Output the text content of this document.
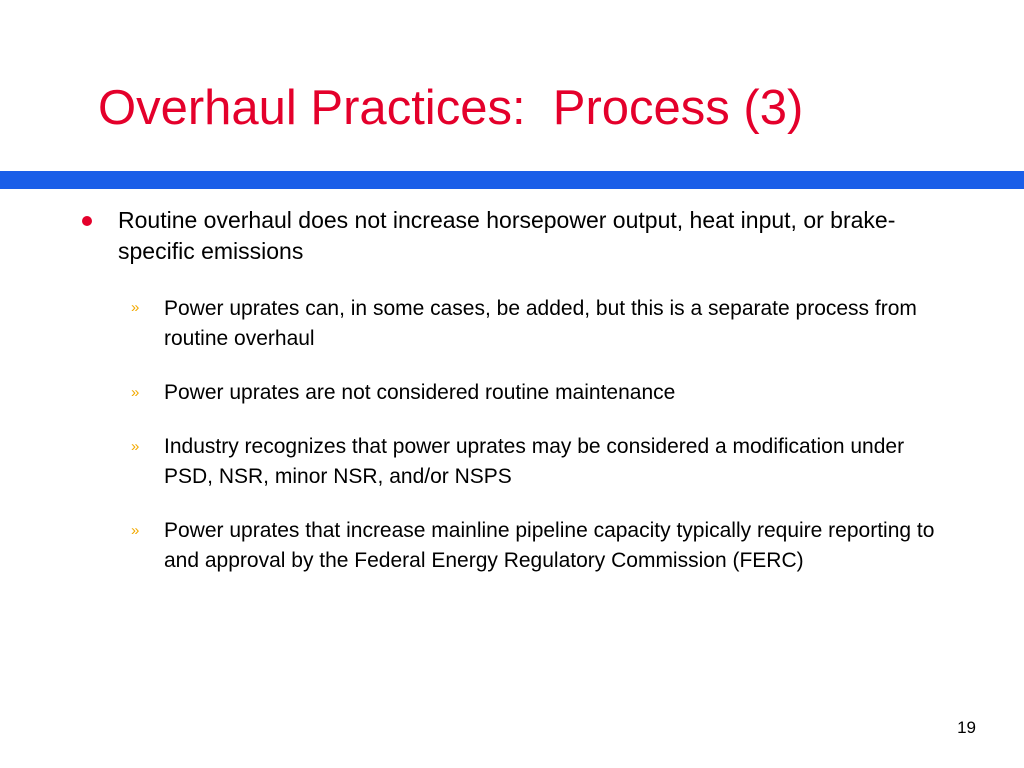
Overhaul Practices:  Process (3)
Routine overhaul does not increase horsepower output, heat input, or brake-specific emissions
» Power uprates can, in some cases, be added, but this is a separate process from routine overhaul
» Power uprates are not considered routine maintenance
» Industry recognizes that power uprates may be considered a modification under PSD, NSR, minor NSR, and/or NSPS
» Power uprates that increase mainline pipeline capacity typically require reporting to and approval by the Federal Energy Regulatory Commission (FERC)
19
